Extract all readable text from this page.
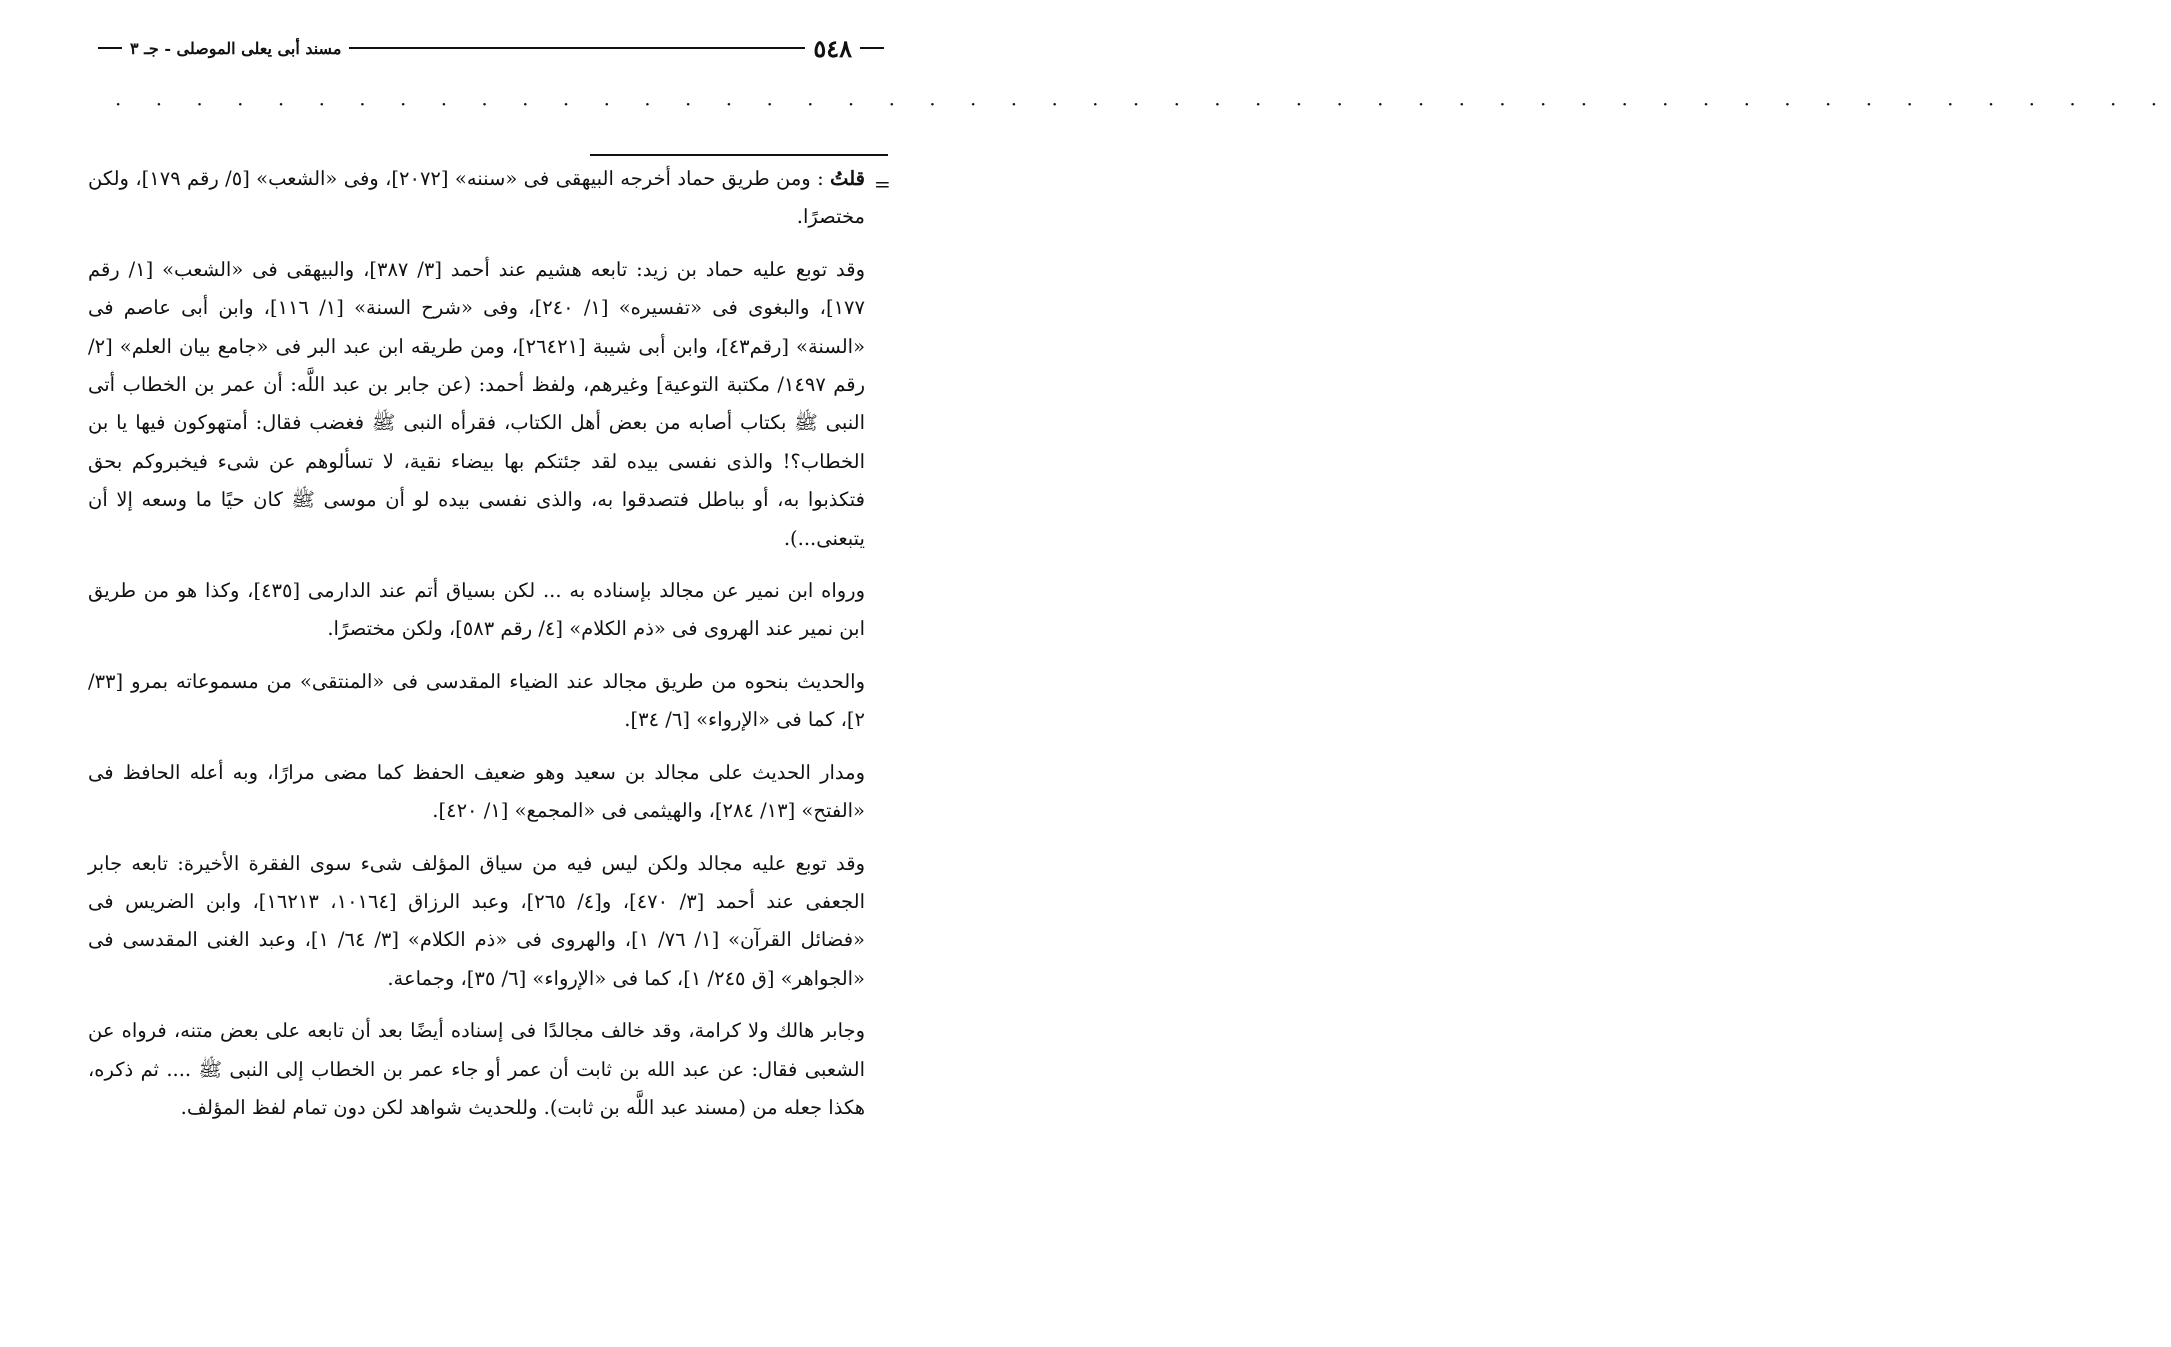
٥٤٨
مسند أبى يعلى الموصلى - جـ ٣
· · · · · · · · · · · · · · · · · · · · · · · · · · · · · · · · · · · · · · · · · · · · · · · · · · ·
=

قلتُ : ومن طريق حماد أخرجه البيهقى فى «سننه» [٢٠٧٢]، وفى «الشعب» [٥/ رقم ١٧٩]، ولكن مختصرًا.

وقد توبع عليه حماد بن زيد: تابعه هشيم عند أحمد [٣/ ٣٨٧]، والبيهقى فى «الشعب» [١/ رقم ١٧٧]، والبغوى فى «تفسيره» [١/ ٢٤٠]، وفى «شرح السنة» [١/ ١١٦]، وابن أبى عاصم فى «السنة» [رقم٤٣]، وابن أبى شيبة [٢٦٤٢١]، ومن طريقه ابن عبد البر فى «جامع بيان العلم» [٢/ رقم ١٤٩٧/ مكتبة التوعية] وغيرهم، ولفظ أحمد: (عن جابر بن عبد اللَّه: أن عمر بن الخطاب أتى النبى ﷺ بكتاب أصابه من بعض أهل الكتاب، فقرأه النبى ﷺ فغضب فقال: أمتهوكون فيها يا بن الخطاب؟! والذى نفسى بيده لقد جئتكم بها بيضاء نقية، لا تسألوهم عن شىء فيخبروكم بحق فتكذبوا به، أو بباطل فتصدقوا به، والذى نفسى بيده لو أن موسى ﷺ كان حيًا ما وسعه إلا أن يتبعنى...).

ورواه ابن نمير عن مجالد بإسناده به ... لكن بسياق أتم عند الدارمى [٤٣٥]، وكذا هو من طريق ابن نمير عند الهروى فى «ذم الكلام» [٤/ رقم ٥٨٣]، ولكن مختصرًا.

والحديث بنحوه من طريق مجالد عند الضياء المقدسى فى «المنتقى» من مسموعاته بمرو [٣٣/ ٢]، كما فى «الإرواء» [٦/ ٣٤].

ومدار الحديث على مجالد بن سعيد وهو ضعيف الحفظ كما مضى مرارًا، وبه أعله الحافظ فى «الفتح» [١٣/ ٢٨٤]، والهيثمى فى «المجمع» [١/ ٤٢٠].

وقد توبع عليه مجالد ولكن ليس فيه من سياق المؤلف شىء سوى الفقرة الأخيرة: تابعه جابر الجعفى عند أحمد [٣/ ٤٧٠]، و[٤/ ٢٦٥]، وعبد الرزاق [١٠١٦٤، ١٦٢١٣]، وابن الضريس فى «فضائل القرآن» [١/ ٧٦/ ١]، والهروى فى «ذم الكلام» [٣/ ٦٤/ ١]، وعبد الغنى المقدسى فى «الجواهر» [ق ٢٤٥/ ١]، كما فى «الإرواء» [٦/ ٣٥]، وجماعة.

وجابر هالك ولا كرامة، وقد خالف مجالدًا فى إسناده أيضًا بعد أن تابعه على بعض متنه، فرواه عن الشعبى فقال: عن عبد الله بن ثابت أن عمر أو جاء عمر بن الخطاب إلى النبى ﷺ .... ثم ذكره، هكذا جعله من (مسند عبد اللَّه بن ثابت). وللحديث شواهد لكن دون تمام لفظ المؤلف.
